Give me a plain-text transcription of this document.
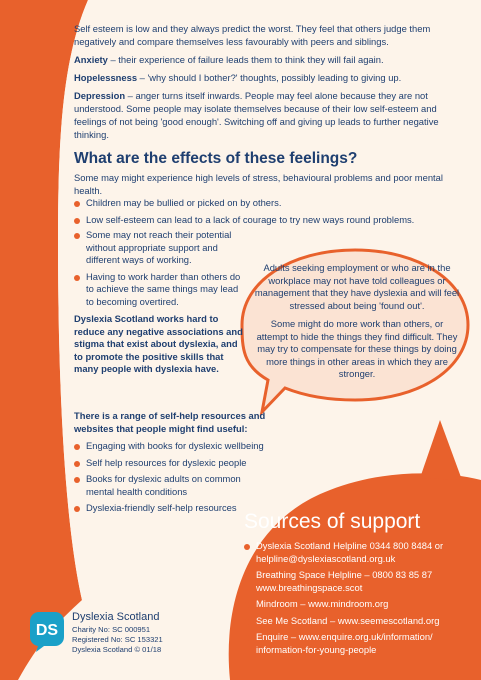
Self esteem is low and they always predict the worst. They feel that others judge them negatively and compare themselves less favourably with peers and siblings.

Anxiety – their experience of failure leads them to think they will fail again.

Hopelessness – 'why should I bother?' thoughts, possibly leading to giving up.

Depression – anger turns itself inwards. People may feel alone because they are not understood. Some people may isolate themselves because of their low self-esteem and feelings of not being 'good enough'. Switching off and giving up leads to further negative thinking.

What are the effects of these feelings?
Some may might experience high levels of stress, behavioural problems and poor mental health.
Children may be bullied or picked on by others.
Low self-esteem can lead to a lack of courage to try new ways round problems.
Some may not reach their potential without appropriate support and different ways of working.
Having to work harder than others do to achieve the same things may lead to becoming overtired.
Dyslexia Scotland works hard to reduce any negative associations and stigma that exist about dyslexia, and to promote the positive skills that many people with dyslexia have.

Adults seeking employment or who are in the workplace may not have told colleagues or management that they have dyslexia and will feel stressed about being 'found out'.

Some might do more work than others, or attempt to hide the things they find difficult. They may try to compensate for these things by doing more things in other areas in which they are stronger.

There is a range of self-help resources and websites that people might find useful:
Engaging with books for dyslexic wellbeing
Self help resources for dyslexic people
Books for dyslexic adults on common mental health conditions
Dyslexia-friendly self-help resources
Sources of support
Dyslexia Scotland Helpline 0344 800 8484 or helpline@dyslexiascotland.org.uk
Breathing Space Helpline – 0800 83 85 87 www.breathingspace.scot
Mindroom – www.mindroom.org
See Me Scotland – www.seemescotland.org
Enquire – www.enquire.org.uk/information/ information-for-young-people
DS
Dyslexia Scotland
Charity No: SC 000951
Registered No: SC 153321
Dyslexia Scotland © 01/18
